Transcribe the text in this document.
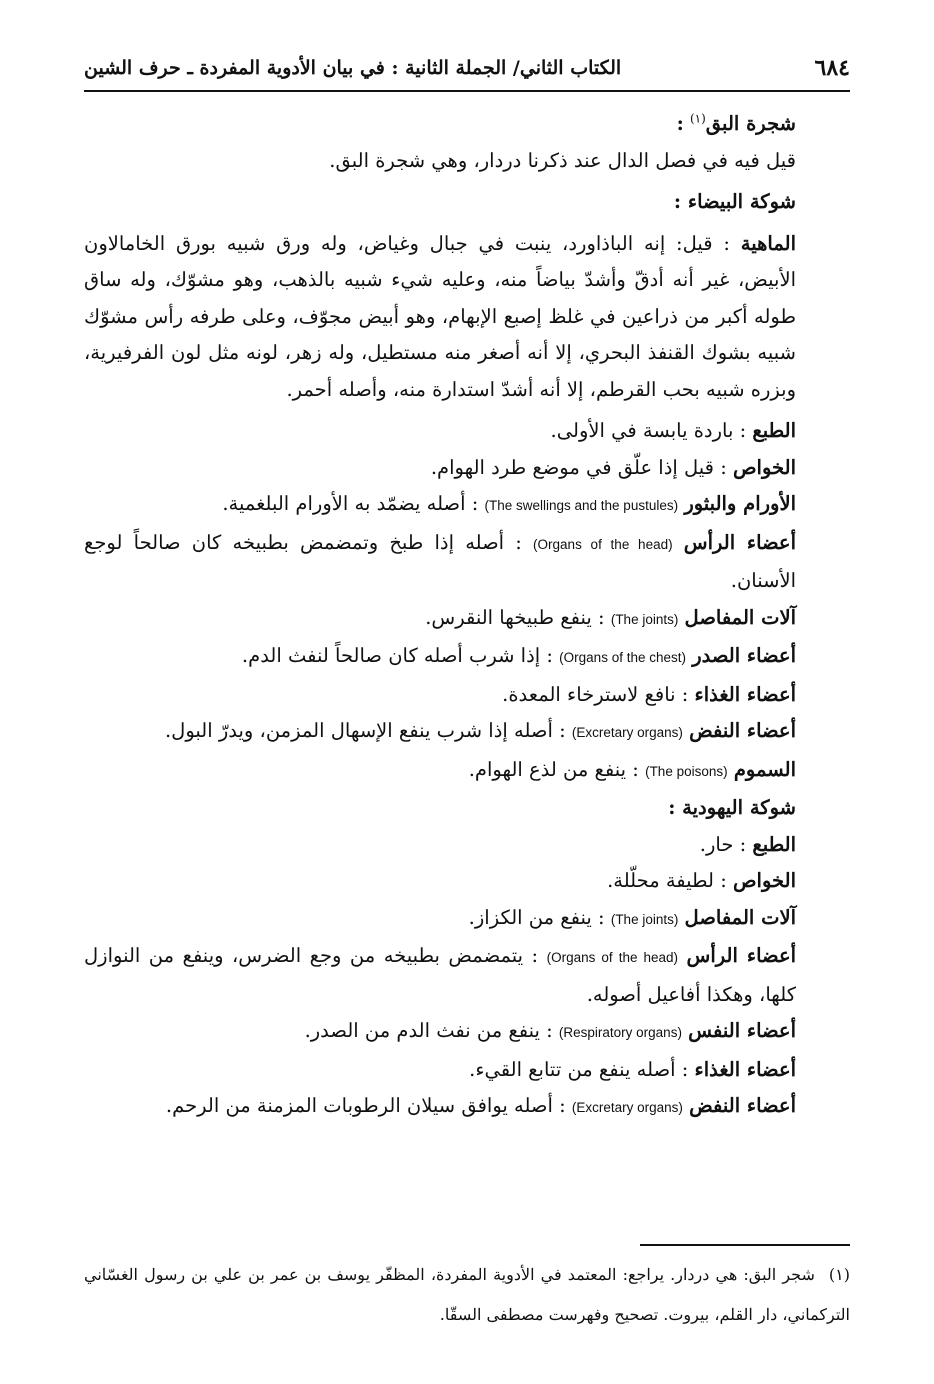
٦٨٤
الكتاب الثاني/ الجملة الثانية : في بيان الأدوية المفردة ـ حرف الشين

شجرة البق$^{(١)}$ :

قيل فيه في فصل الدال عند ذكرنا دردار، وهي شجرة البق.

شوكة البيضاء :

الماهية : قيل: إنه الباذاورد، ينبت في جبال وغياض، وله ورق شبيه بورق الخامالاون الأبيض، غير أنه أدقّ وأشدّ بياضاً منه، وعليه شيء شبيه بالذهب، وهو مشوّك، وله ساق طوله أكبر من ذراعين في غلظ إصبع الإبهام، وهو أبيض مجوّف، وعلى طرفه رأس مشوّك شبيه بشوك القنفذ البحري، إلا أنه أصغر منه مستطيل، وله زهر، لونه مثل لون الفرفيرية، وبزره شبيه بحب القرطم، إلا أنه أشدّ استدارة منه، وأصله أحمر.

الطبع : باردة يابسة في الأولى.

الخواص : قيل إذا علّق في موضع طرد الهوام.

الأورام والبثور (The swellings and the pustules) : أصله يضمّد به الأورام البلغمية.

أعضاء الرأس (Organs of the head) : أصله إذا طبخ وتمضمض بطبيخه كان صالحاً لوجع الأسنان.

آلات المفاصل (The joints) : ينفع طبيخها النقرس.

أعضاء الصدر (Organs of the chest) : إذا شرب أصله كان صالحاً لنفث الدم.

أعضاء الغذاء : نافع لاسترخاء المعدة.

أعضاء النفض (Excretary organs) : أصله إذا شرب ينفع الإسهال المزمن، ويدرّ البول.

السموم (The poisons) : ينفع من لذع الهوام.

شوكة اليهودية :

الطبع : حار.

الخواص : لطيفة محلّلة.

آلات المفاصل (The joints) : ينفع من الكزاز.

أعضاء الرأس (Organs of the head) : يتمضمض بطبيخه من وجع الضرس، وينفع من النوازل كلها، وهكذا أفاعيل أصوله.

أعضاء النفس (Respiratory organs) : ينفع من نفث الدم من الصدر.

أعضاء الغذاء : أصله ينفع من تتابع القيء.

أعضاء النفض (Excretary organs) : أصله يوافق سيلان الرطوبات المزمنة من الرحم.

(١)شجر البق: هي دردار. يراجع: المعتمد في الأدوية المفردة، المظفّر يوسف بن عمر بن علي بن رسول الغسّاني التركماني، دار القلم، بيروت. تصحيح وفهرست مصطفى السقّا.
